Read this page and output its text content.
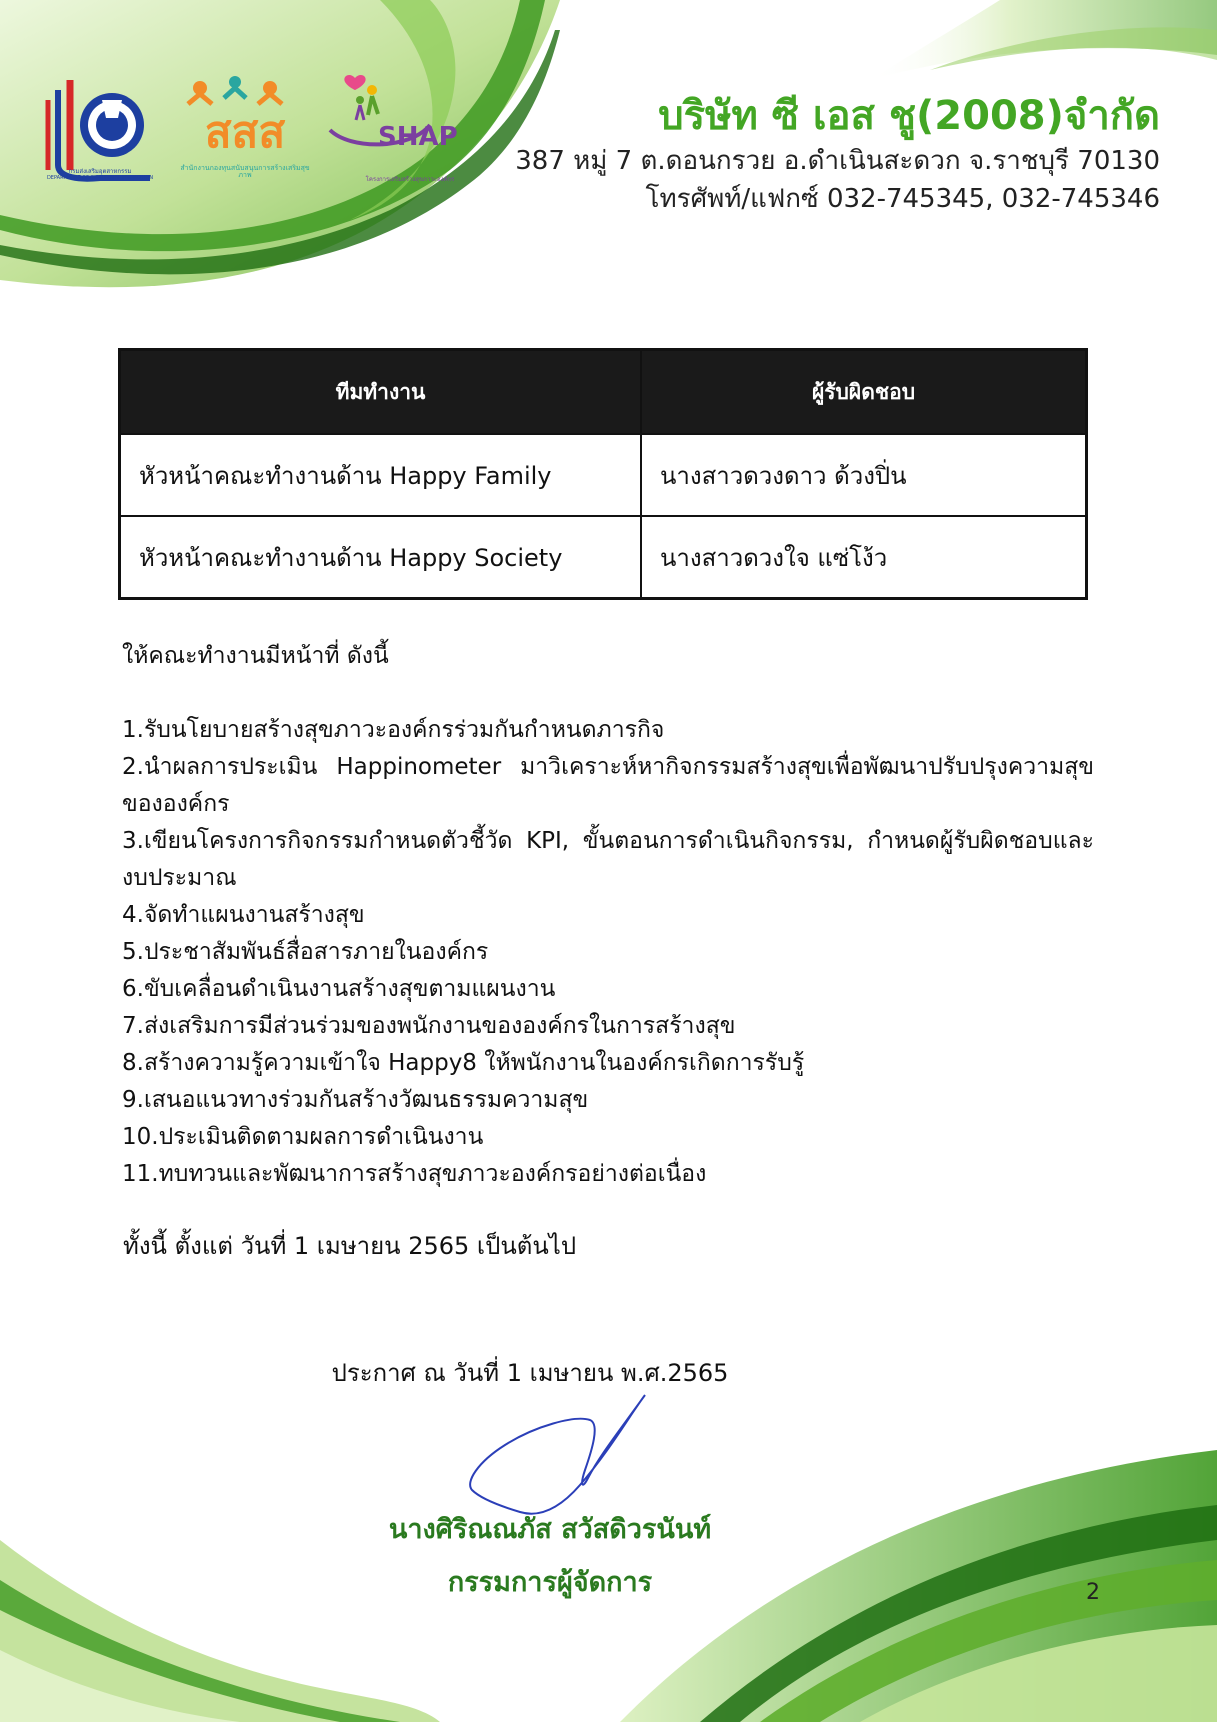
กรมส่งเสริมอุตสาหกรรม
DEPARTMENT OF INDUSTRIAL PROMOTION
สสส
สำนักงานกองทุนสนับสนุนการสร้างเสริมสุขภาพ
SHAP
โครงการเสริมสร้างสุขภาวะองค์กร

บริษัท ซี เอส ชู(2008)จำกัด

387 หมู่ 7 ต.ดอนกรวย อ.ดำเนินสะดวก จ.ราชบุรี 70130

โทรศัพท์/แฟกซ์ 032-745345, 032-745346

ทีมทำงาน	ผู้รับผิดชอบ
หัวหน้าคณะทำงานด้าน Happy Family	นางสาวดวงดาว ด้วงปิ่น
หัวหน้าคณะทำงานด้าน Happy Society	นางสาวดวงใจ แซ่โง้ว
ให้คณะทำงานมีหน้าที่ ดังนี้
1.รับนโยบายสร้างสุขภาวะองค์กรร่วมกันกำหนดภารกิจ
2.นำผลการประเมิน Happinometer มาวิเคราะห์หากิจกรรมสร้างสุขเพื่อพัฒนาปรับปรุงความสุขขององค์กร
3.เขียนโครงการกิจกรรมกำหนดตัวชี้วัด KPI, ขั้นตอนการดำเนินกิจกรรม, กำหนดผู้รับผิดชอบและงบประมาณ
4.จัดทำแผนงานสร้างสุข
5.ประชาสัมพันธ์สื่อสารภายในองค์กร
6.ขับเคลื่อนดำเนินงานสร้างสุขตามแผนงาน
7.ส่งเสริมการมีส่วนร่วมของพนักงานขององค์กรในการสร้างสุข
8.สร้างความรู้ความเข้าใจ Happy8 ให้พนักงานในองค์กรเกิดการรับรู้
9.เสนอแนวทางร่วมกันสร้างวัฒนธรรมความสุข
10.ประเมินติดตามผลการดำเนินงาน
11.ทบทวนและพัฒนาการสร้างสุขภาวะองค์กรอย่างต่อเนื่อง
ทั้งนี้ ตั้งแต่ วันที่ 1 เมษายน 2565 เป็นต้นไป
ประกาศ ณ วันที่ 1 เมษายน พ.ศ.2565
นางศิริณณภัส สวัสดิวรนันท์
กรรมการผู้จัดการ	2
